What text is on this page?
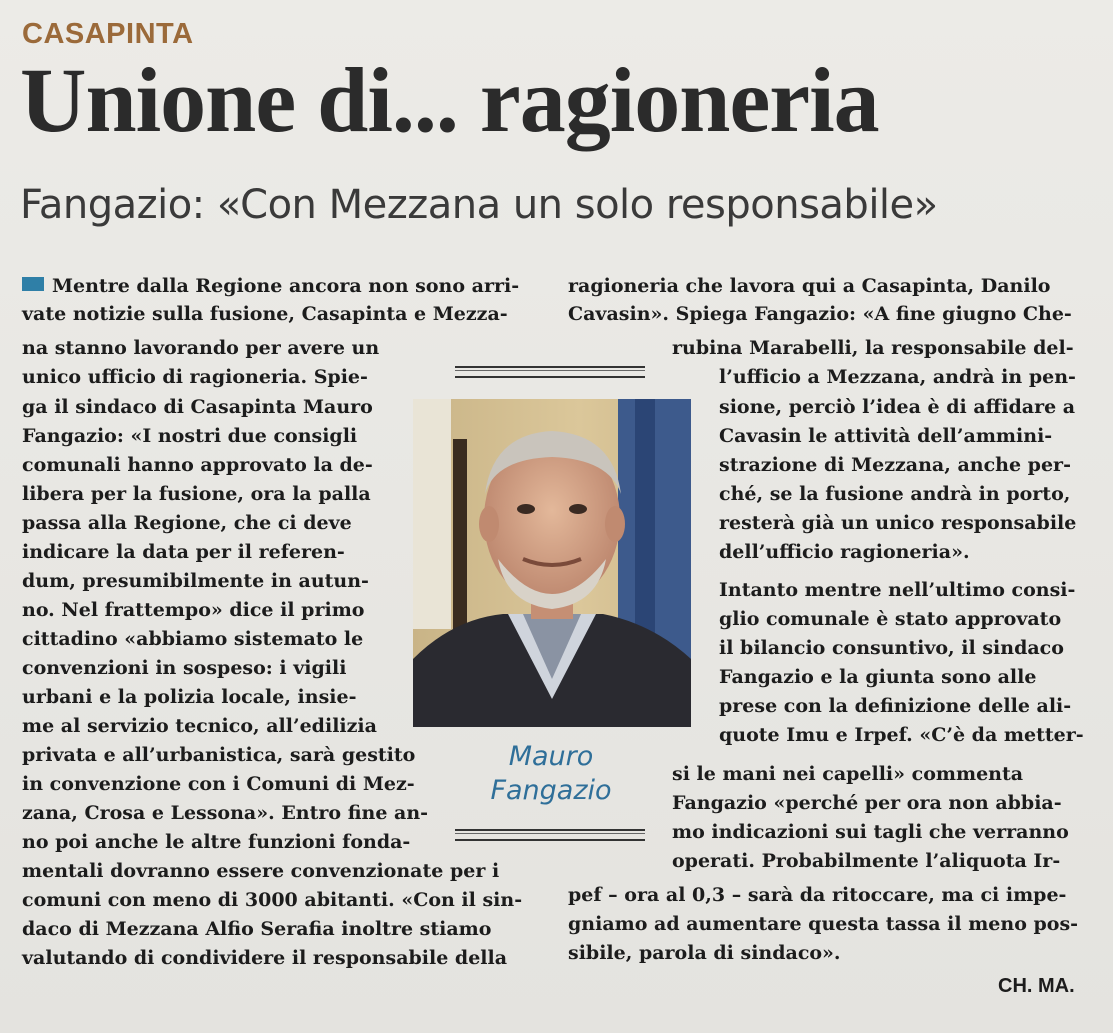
CASAPINTA
Unione di... ragioneria
Fangazio: «Con Mezzana un solo responsabile»
Mentre dalla Regione ancora non sono arri-
vate notizie sulla fusione, Casapinta e Mezza-
na stanno lavorando per avere un
unico ufficio di ragioneria. Spie-
ga il sindaco di Casapinta Mauro
Fangazio: «I nostri due consigli
comunali hanno approvato la de-
libera per la fusione, ora la palla
passa alla Regione, che ci deve
indicare la data per il referen-
dum, presumibilmente in autun-
no. Nel frattempo» dice il primo
cittadino «abbiamo sistemato le
convenzioni in sospeso: i vigili
urbani e la polizia locale, insie-
me al servizio tecnico, all’edilizia
privata e all’urbanistica, sarà gestito
in convenzione con i Comuni di Mez-
zana, Crosa e Lessona». Entro fine an-
no poi anche le altre funzioni fonda-
mentali dovranno essere convenzionate per i
comuni con meno di 3000 abitanti. «Con il sin-
daco di Mezzana Alfio Serafia inoltre stiamo
valutando di condividere il responsabile della
Mauro
Fangazio
ragioneria che lavora qui a Casapinta, Danilo
Cavasin». Spiega Fangazio: «A fine giugno Che-
rubina Marabelli, la responsabile del-
l’ufficio a Mezzana, andrà in pen-
sione, perciò l’idea è di affidare a
Cavasin le attività dell’ammini-
strazione di Mezzana, anche per-
ché, se la fusione andrà in porto,
resterà già un unico responsabile
dell’ufficio ragioneria».
Intanto mentre nell’ultimo consi-
glio comunale è stato approvato
il bilancio consuntivo, il sindaco
Fangazio e la giunta sono alle
prese con la definizione delle ali-
quote Imu e Irpef. «C’è da metter-
si le mani nei capelli» commenta
Fangazio «perché per ora non abbia-
mo indicazioni sui tagli che verranno
operati. Probabilmente l’aliquota Ir-
pef – ora al 0,3 – sarà da ritoccare, ma ci impe-
gniamo ad aumentare questa tassa il meno pos-
sibile, parola di sindaco».
CH. MA.
